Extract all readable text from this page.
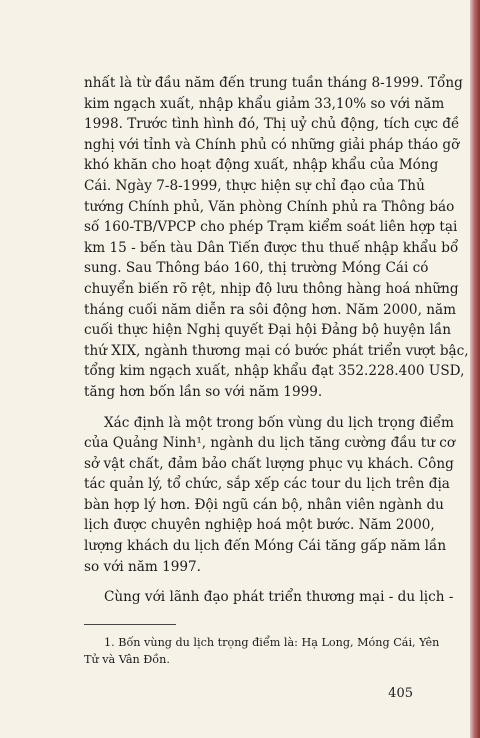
nhất là từ đầu năm đến trung tuần tháng 8-1999. Tổng
kim ngạch xuất, nhập khẩu giảm 33,10% so với năm
1998. Trước tình hình đó, Thị uỷ chủ động, tích cực đề
nghị với tỉnh và Chính phủ có những giải pháp tháo gỡ
khó khăn cho hoạt động xuất, nhập khẩu của Móng
Cái. Ngày 7-8-1999, thực hiện sự chỉ đạo của Thủ
tướng Chính phủ, Văn phòng Chính phủ ra Thông báo
số 160-TB/VPCP cho phép Trạm kiểm soát liên hợp tại
km 15 - bến tàu Dân Tiến được thu thuế nhập khẩu bổ
sung. Sau Thông báo 160, thị trường Móng Cái có
chuyển biến rõ rệt, nhịp độ lưu thông hàng hoá những
tháng cuối năm diễn ra sôi động hơn. Năm 2000, năm
cuối thực hiện Nghị quyết Đại hội Đảng bộ huyện lần
thứ XIX, ngành thương mại có bước phát triển vượt bậc,
tổng kim ngạch xuất, nhập khẩu đạt 352.228.400 USD,
tăng hơn bốn lần so với năm 1999.
Xác định là một trong bốn vùng du lịch trọng điểm
của Quảng Ninh¹, ngành du lịch tăng cường đầu tư cơ
sở vật chất, đảm bảo chất lượng phục vụ khách. Công
tác quản lý, tổ chức, sắp xếp các tour du lịch trên địa
bàn hợp lý hơn. Đội ngũ cán bộ, nhân viên ngành du
lịch được chuyên nghiệp hoá một bước. Năm 2000,
lượng khách du lịch đến Móng Cái tăng gấp năm lần
so với năm 1997.
Cùng với lãnh đạo phát triển thương mại - du lịch -
1. Bốn vùng du lịch trọng điểm là: Hạ Long, Móng Cái, Yên
Tử và Vân Đồn.
405
